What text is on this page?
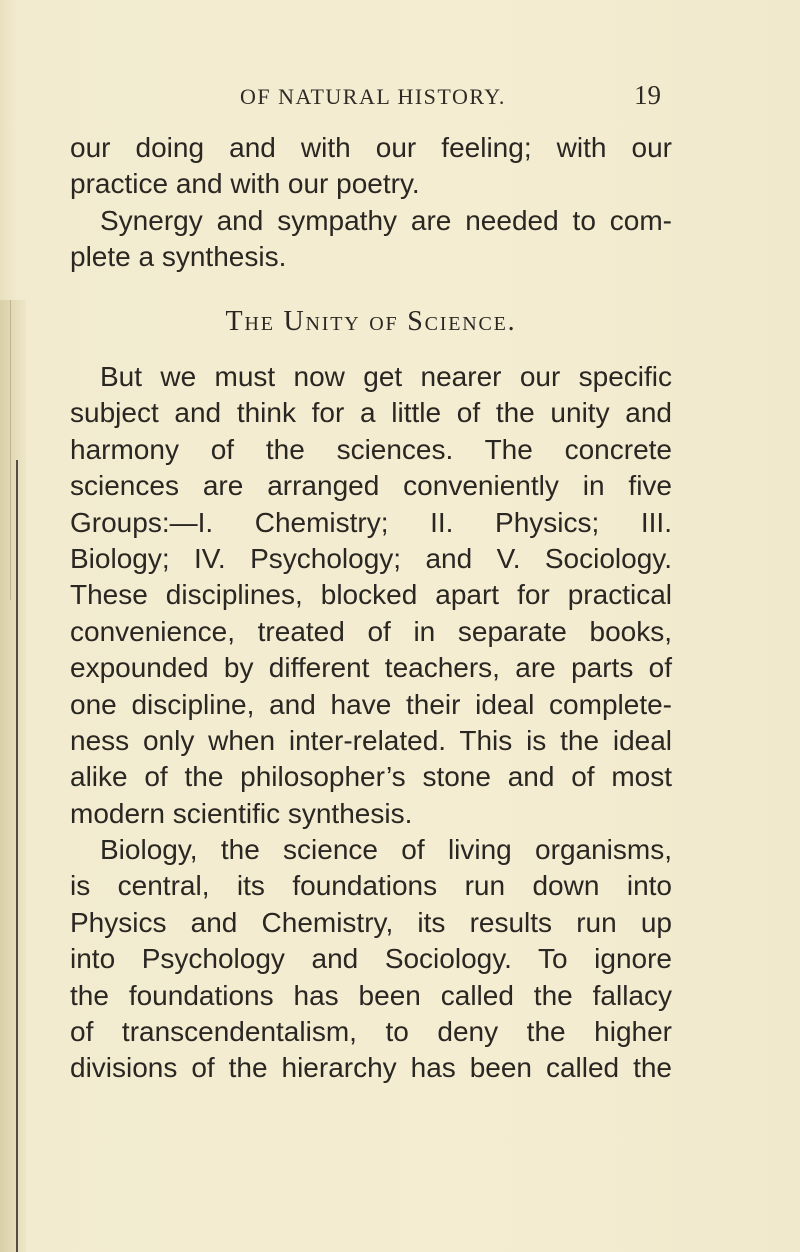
OF NATURAL HISTORY.	19
our doing and with our feeling; with our
practice and with our poetry.
Synergy and sympathy are needed to com-
plete a synthesis.
The Unity of Science.
But we must now get nearer our specific
subject and think for a little of the unity and
harmony of the sciences. The concrete
sciences are arranged conveniently in five
Groups:—I. Chemistry; II. Physics; III.
Biology; IV. Psychology; and V. Sociology.
These disciplines, blocked apart for practical
convenience, treated of in separate books,
expounded by different teachers, are parts of
one discipline, and have their ideal complete-
ness only when inter-related. This is the ideal
alike of the philosopher’s stone and of most
modern scientific synthesis.
Biology, the science of living organisms,
is central, its foundations run down into
Physics and Chemistry, its results run up
into Psychology and Sociology. To ignore
the foundations has been called the fallacy
of transcendentalism, to deny the higher
divisions of the hierarchy has been called the
